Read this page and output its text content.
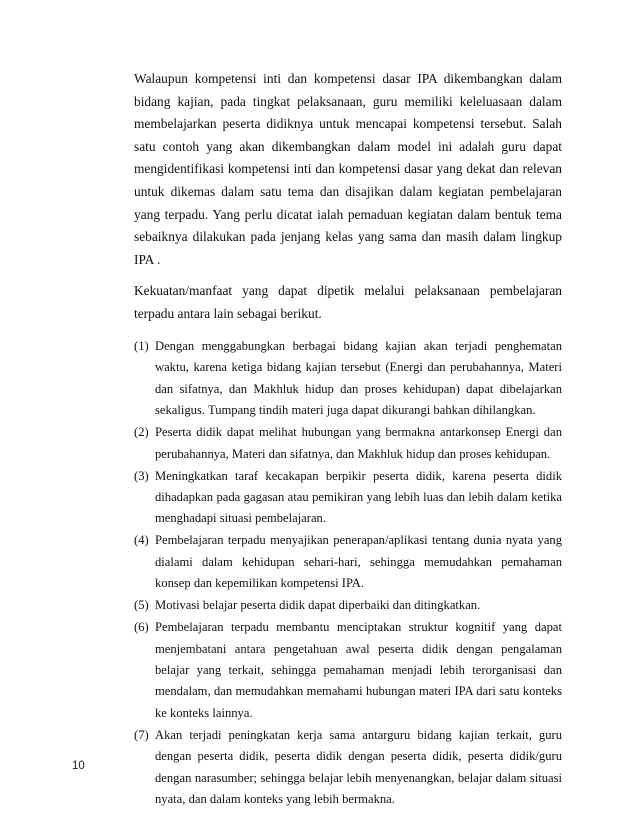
Walaupun kompetensi inti dan kompetensi dasar IPA dikembangkan dalam bidang kajian, pada tingkat pelaksanaan, guru memiliki keleluasaan dalam membelajarkan peserta didiknya untuk mencapai kompetensi tersebut. Salah satu contoh yang akan dikembangkan dalam model ini adalah guru dapat mengidentifikasi kompetensi inti dan kompetensi dasar yang dekat dan relevan untuk dikemas dalam satu tema dan disajikan dalam kegiatan pembelajaran yang terpadu. Yang perlu dicatat ialah pemaduan kegiatan dalam bentuk tema sebaiknya dilakukan pada jenjang kelas yang sama dan masih dalam lingkup IPA .

Kekuatan/manfaat yang dapat dipetik melalui pelaksanaan pembelajaran terpadu antara lain sebagai berikut.

(1) Dengan menggabungkan berbagai bidang kajian akan terjadi penghematan waktu, karena ketiga bidang kajian tersebut (Energi dan perubahannya, Materi dan sifatnya, dan Makhluk hidup dan proses kehidupan) dapat dibelajarkan sekaligus. Tumpang tindih materi juga dapat dikurangi bahkan dihilangkan.
(2) Peserta didik dapat melihat hubungan yang bermakna antarkonsep Energi dan perubahannya, Materi dan sifatnya, dan Makhluk hidup dan proses kehidupan.
(3) Meningkatkan taraf kecakapan berpikir peserta didik, karena peserta didik dihadapkan pada gagasan atau pemikiran yang lebih luas dan lebih dalam ketika menghadapi situasi pembelajaran.
(4) Pembelajaran terpadu menyajikan penerapan/aplikasi tentang dunia nyata yang dialami dalam kehidupan sehari-hari, sehingga memudahkan pemahaman konsep dan kepemilikan kompetensi IPA.
(5) Motivasi belajar peserta didik dapat diperbaiki dan ditingkatkan.
(6) Pembelajaran terpadu membantu menciptakan struktur kognitif yang dapat menjembatani antara pengetahuan awal peserta didik dengan pengalaman belajar yang terkait, sehingga pemahaman menjadi lebih terorganisasi dan mendalam, dan memudahkan memahami hubungan materi IPA dari satu konteks ke konteks lainnya.
(7) Akan terjadi peningkatan kerja sama antarguru bidang kajian terkait, guru dengan peserta didik, peserta didik dengan peserta didik, peserta didik/guru dengan narasumber; sehingga belajar lebih menyenangkan, belajar dalam situasi nyata, dan dalam konteks yang lebih bermakna.
10
